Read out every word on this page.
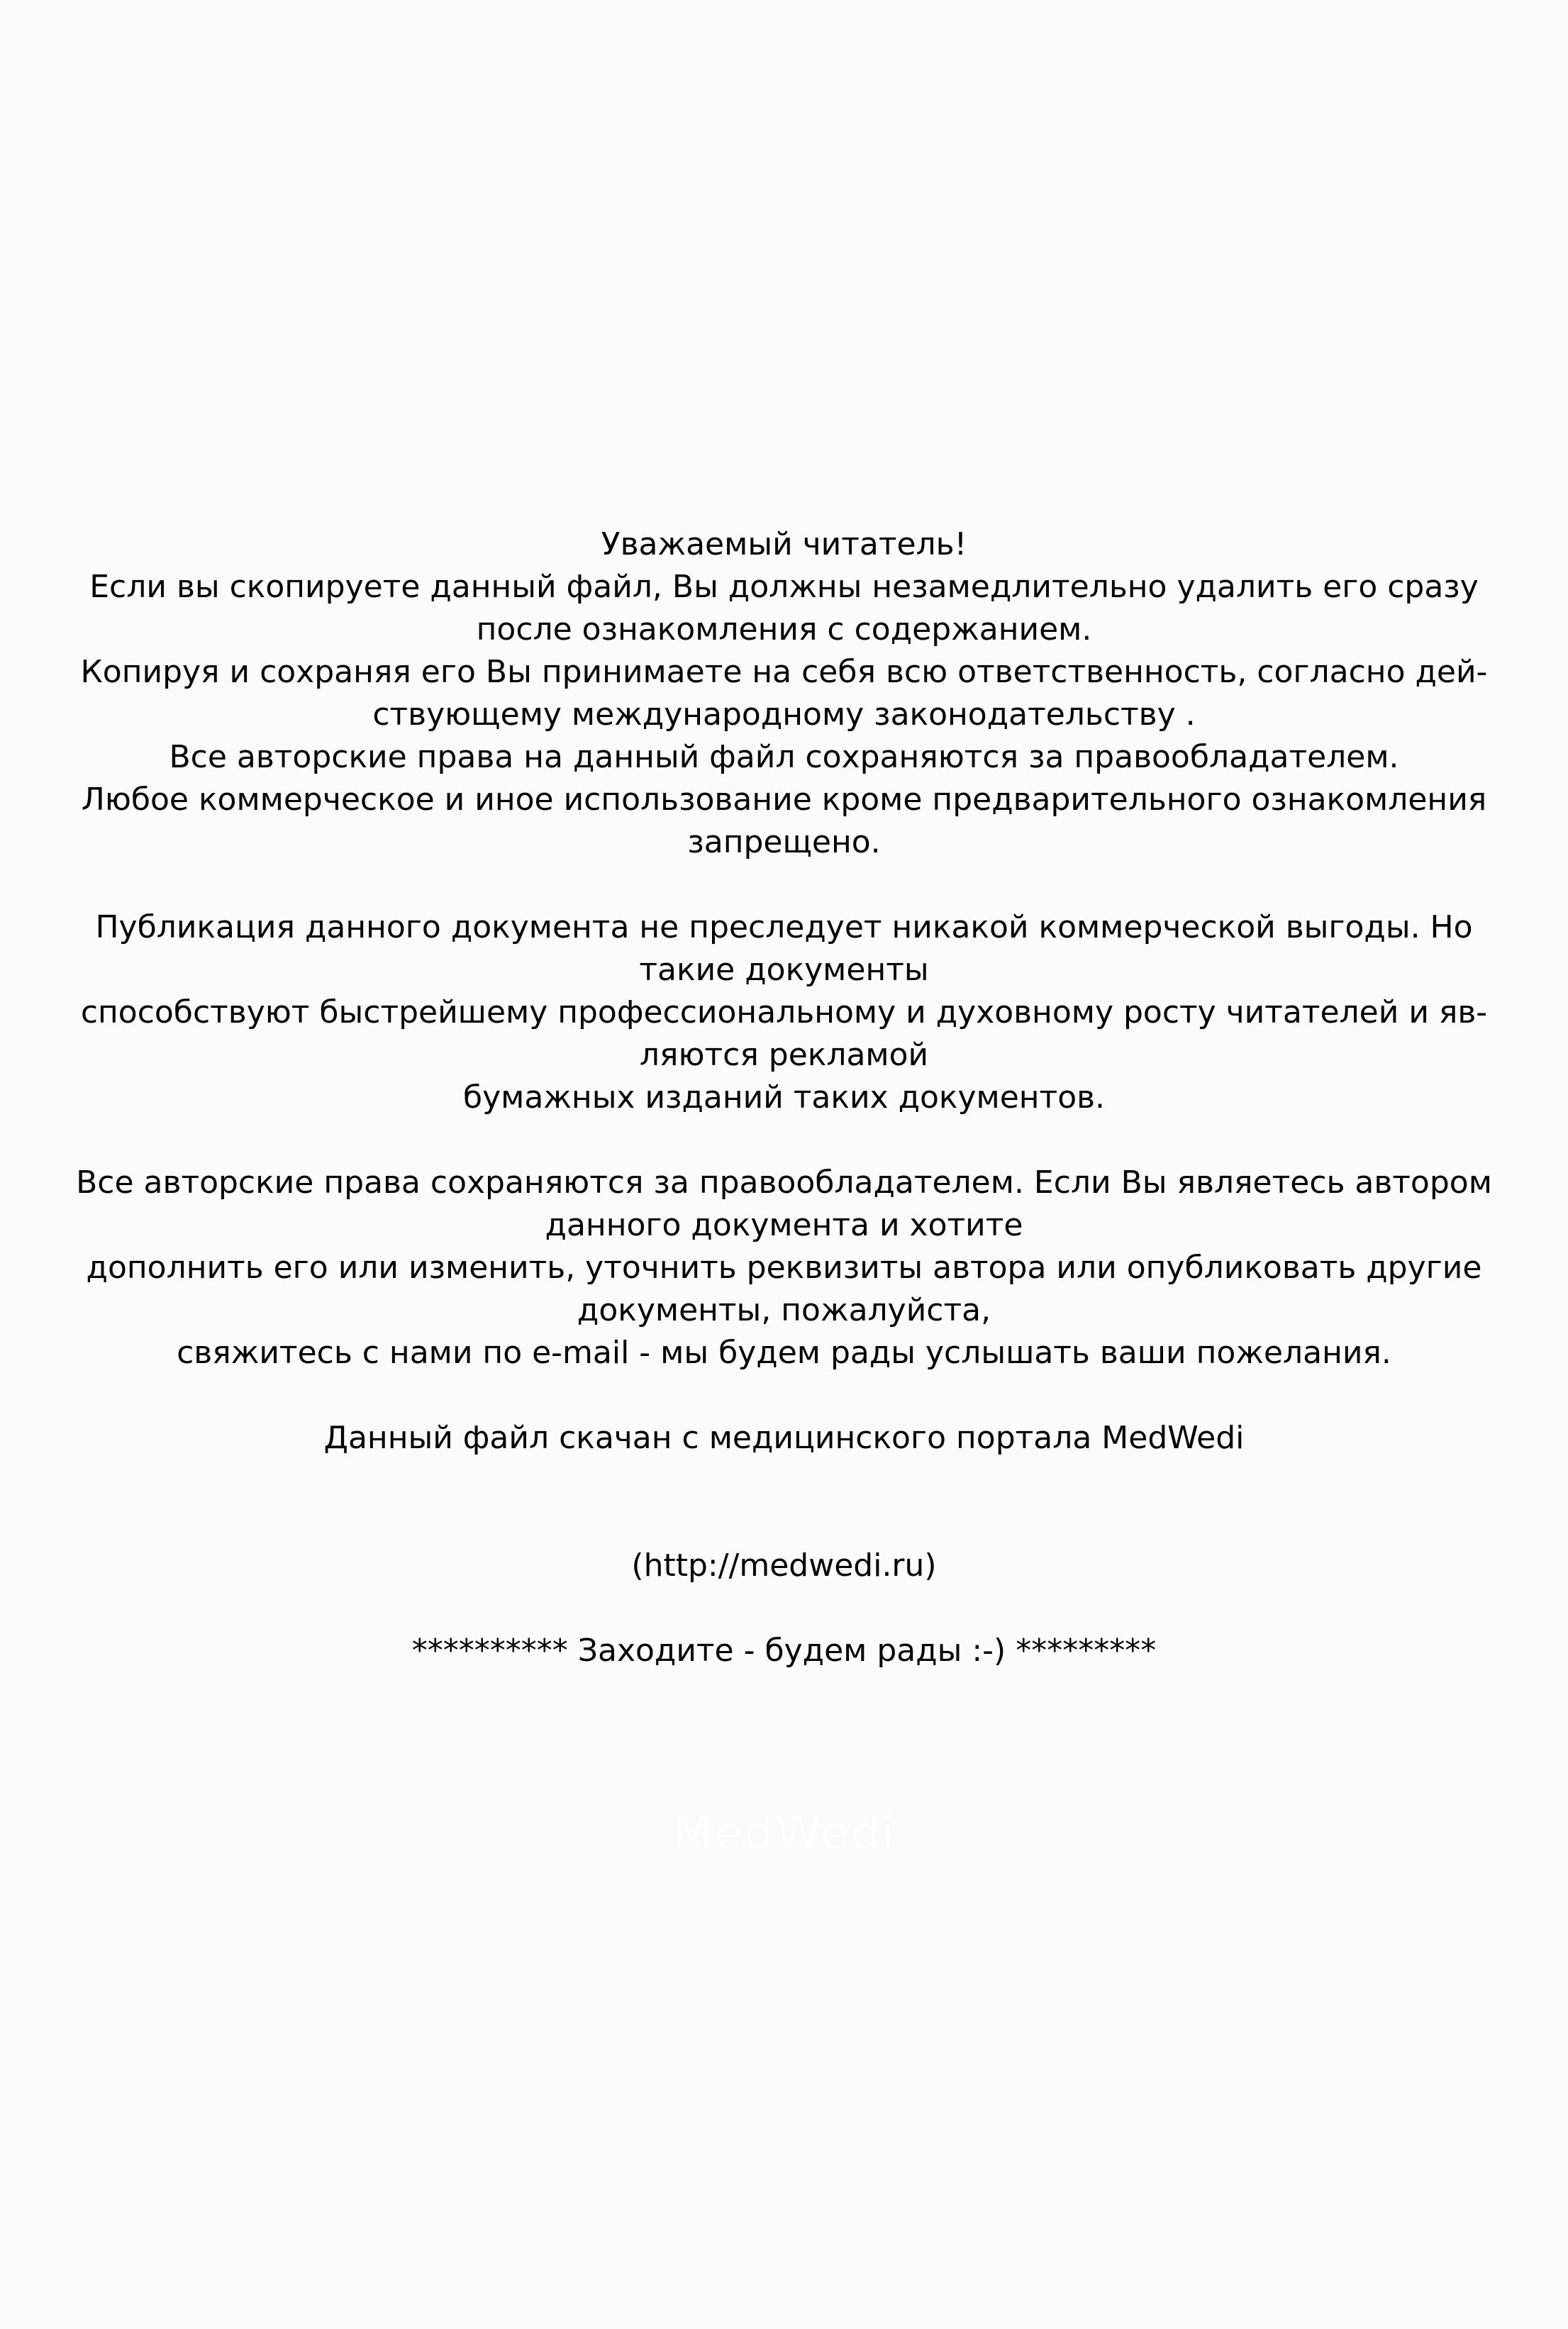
Уважаемый читатель!
Если вы скопируете данный файл, Вы должны незамедлительно удалить его сразу
после ознакомления с содержанием.
Копируя и сохраняя его Вы принимаете на себя всю ответственность, согласно дей-
ствующему международному законодательству .
Все авторские права на данный файл сохраняются за правообладателем.
Любое коммерческое и иное использование кроме предварительного ознакомления
запрещено.
Публикация данного документа не преследует никакой коммерческой выгоды. Но
такие документы
способствуют быстрейшему профессиональному и духовному росту читателей и яв-
ляются рекламой
бумажных изданий таких документов.
Все авторские права сохраняются за правообладателем. Если Вы являетесь автором
данного документа и хотите
дополнить его или изменить, уточнить реквизиты автора или опубликовать другие
документы, пожалуйста,
свяжитесь с нами по e-mail - мы будем рады услышать ваши пожелания.
Данный файл скачан с медицинского портала MedWedi
(http://medwedi.ru)
********** Заходите - будем рады :-) *********
MedWedi
